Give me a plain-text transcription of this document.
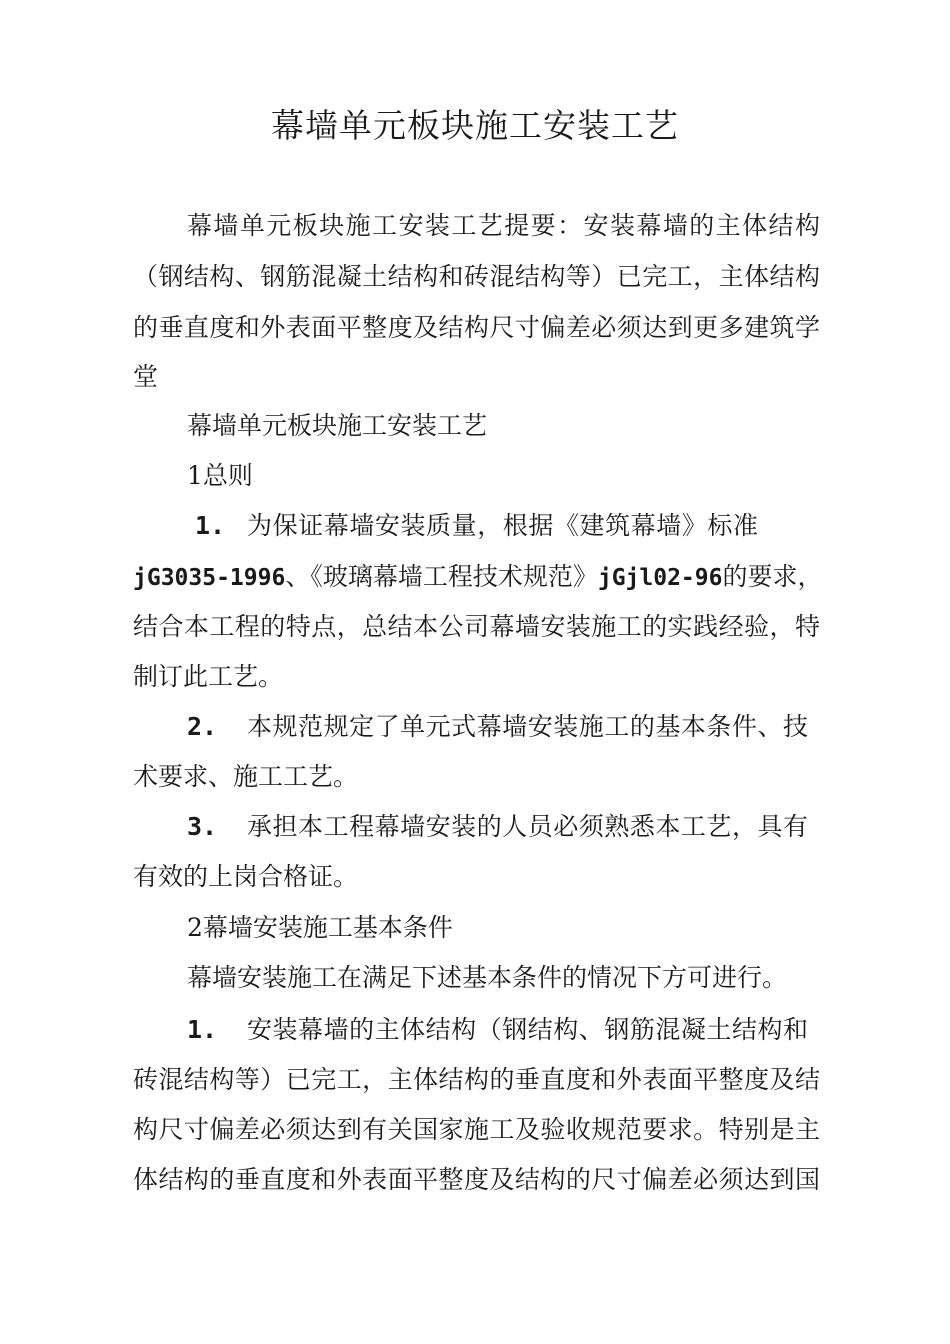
幕墙单元板块施工安装工艺

幕墙单元板块施工安装工艺提要：安装幕墙的主体结构

（钢结构、钢筋混凝土结构和砖混结构等）已完工，主体结构

的垂直度和外表面平整度及结构尺寸偏差必须达到更多建筑学

堂

幕墙单元板块施工安装工艺

1总则

1. 为保证幕墙安装质量，根据《建筑幕墙》标准

jG3035-1996、《玻璃幕墙工程技术规范》jGjl02-96的要求，

结合本工程的特点，总结本公司幕墙安装施工的实践经验，特

制订此工艺。

2. 本规范规定了单元式幕墙安装施工的基本条件、技

术要求、施工工艺。

3. 承担本工程幕墙安装的人员必须熟悉本工艺，具有

有效的上岗合格证。

2幕墙安装施工基本条件

幕墙安装施工在满足下述基本条件的情况下方可进行。

1. 安装幕墙的主体结构（钢结构、钢筋混凝土结构和

砖混结构等）已完工，主体结构的垂直度和外表面平整度及结

构尺寸偏差必须达到有关国家施工及验收规范要求。特别是主

体结构的垂直度和外表面平整度及结构的尺寸偏差必须达到国
